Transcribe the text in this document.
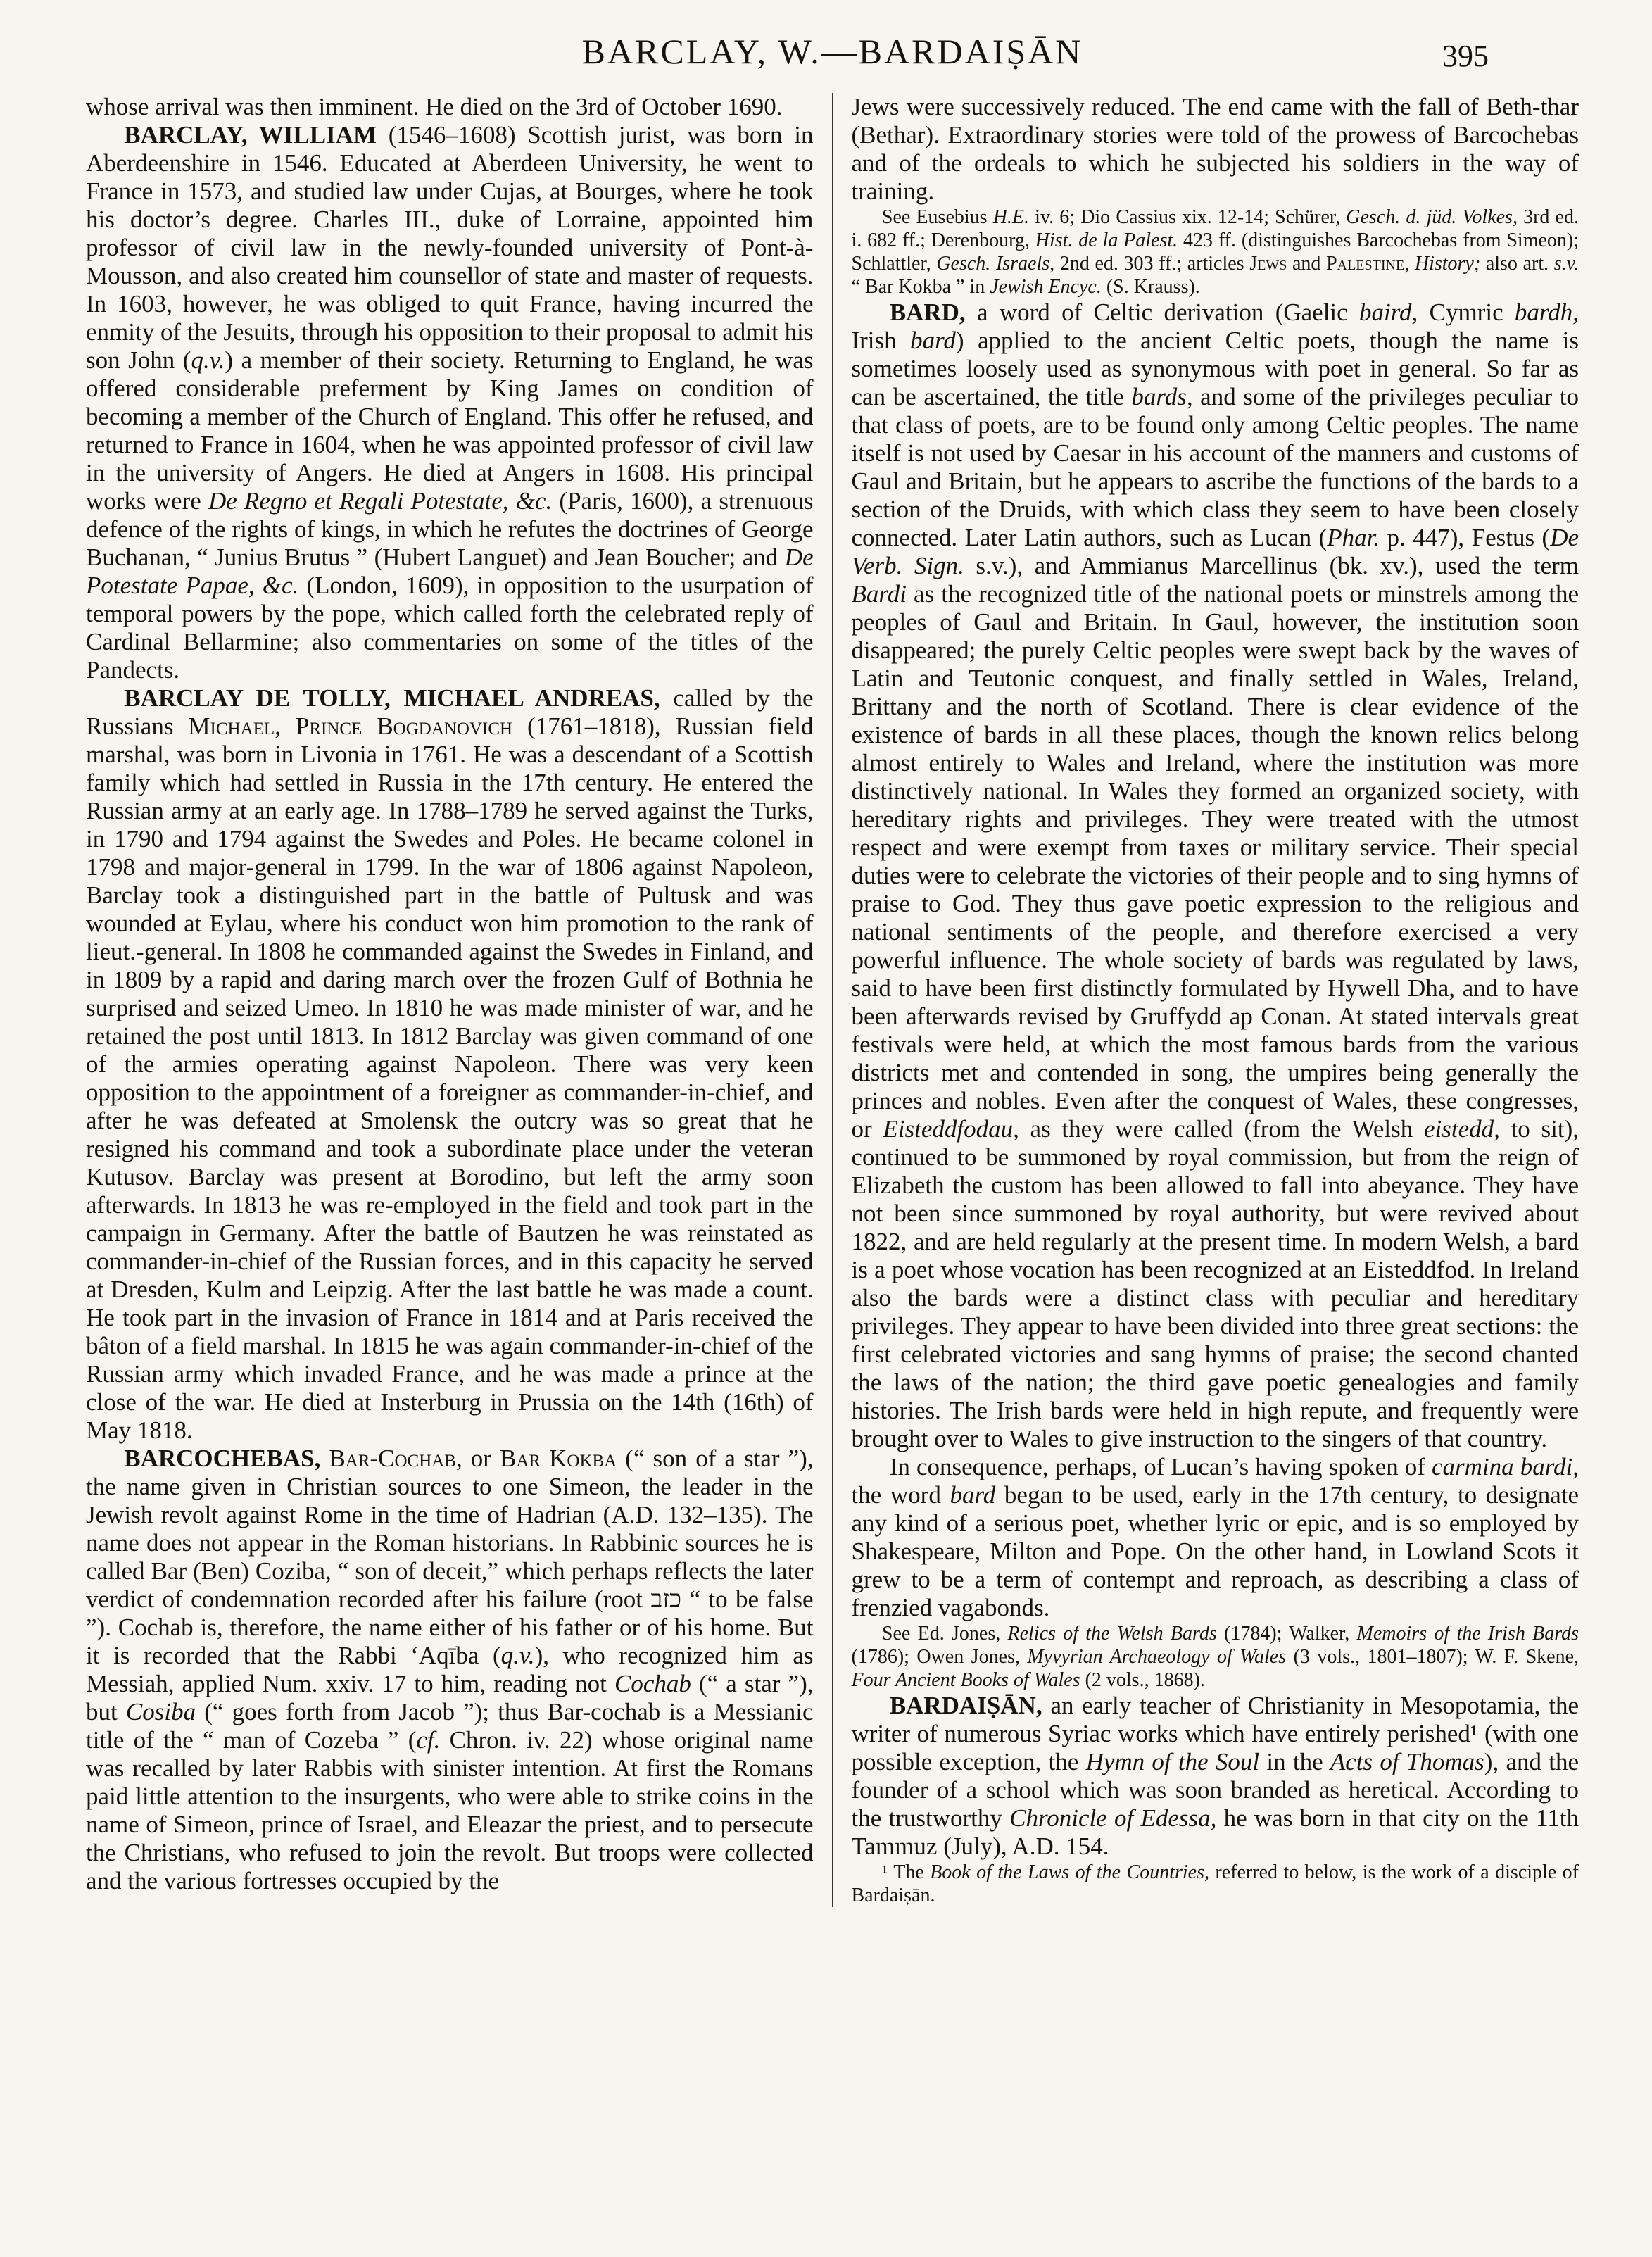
BARCLAY, W.—BARDAIṢĀN	395

whose arrival was then imminent. He died on the 3rd of October 1690.

BARCLAY, WILLIAM (1546–1608) Scottish jurist, was born in Aberdeenshire in 1546. Educated at Aberdeen University, he went to France in 1573, and studied law under Cujas, at Bourges, where he took his doctor’s degree. Charles III., duke of Lorraine, appointed him professor of civil law in the newly-founded university of Pont-à-Mousson, and also created him counsellor of state and master of requests. In 1603, however, he was obliged to quit France, having incurred the enmity of the Jesuits, through his opposition to their proposal to admit his son John (q.v.) a member of their society. Returning to England, he was offered considerable preferment by King James on condition of becoming a member of the Church of England. This offer he refused, and returned to France in 1604, when he was appointed professor of civil law in the university of Angers. He died at Angers in 1608. His principal works were De Regno et Regali Potestate, &c. (Paris, 1600), a strenuous defence of the rights of kings, in which he refutes the doctrines of George Buchanan, “ Junius Brutus ” (Hubert Languet) and Jean Boucher; and De Potestate Papae, &c. (London, 1609), in opposition to the usurpation of temporal powers by the pope, which called forth the celebrated reply of Cardinal Bellarmine; also commentaries on some of the titles of the Pandects.

BARCLAY DE TOLLY, MICHAEL ANDREAS, called by the Russians Michael, Prince Bogdanovich (1761–1818), Russian field marshal, was born in Livonia in 1761. He was a descendant of a Scottish family which had settled in Russia in the 17th century. He entered the Russian army at an early age. In 1788–1789 he served against the Turks, in 1790 and 1794 against the Swedes and Poles. He became colonel in 1798 and major-general in 1799. In the war of 1806 against Napoleon, Barclay took a distinguished part in the battle of Pultusk and was wounded at Eylau, where his conduct won him promotion to the rank of lieut.-general. In 1808 he commanded against the Swedes in Finland, and in 1809 by a rapid and daring march over the frozen Gulf of Bothnia he surprised and seized Umeo. In 1810 he was made minister of war, and he retained the post until 1813. In 1812 Barclay was given command of one of the armies operating against Napoleon. There was very keen opposition to the appointment of a foreigner as commander-in-chief, and after he was defeated at Smolensk the outcry was so great that he resigned his command and took a subordinate place under the veteran Kutusov. Barclay was present at Borodino, but left the army soon afterwards. In 1813 he was re-employed in the field and took part in the campaign in Germany. After the battle of Bautzen he was reinstated as commander-in-chief of the Russian forces, and in this capacity he served at Dresden, Kulm and Leipzig. After the last battle he was made a count. He took part in the invasion of France in 1814 and at Paris received the bâton of a field marshal. In 1815 he was again commander-in-chief of the Russian army which invaded France, and he was made a prince at the close of the war. He died at Insterburg in Prussia on the 14th (16th) of May 1818.

BARCOCHEBAS, Bar-Cochab, or Bar Kokba (“ son of a star ”), the name given in Christian sources to one Simeon, the leader in the Jewish revolt against Rome in the time of Hadrian (A.D. 132–135). The name does not appear in the Roman historians. In Rabbinic sources he is called Bar (Ben) Coziba, “ son of deceit,” which perhaps reflects the later verdict of condemnation recorded after his failure (root כזב “ to be false ”). Cochab is, therefore, the name either of his father or of his home. But it is recorded that the Rabbi ‘Aqība (q.v.), who recognized him as Messiah, applied Num. xxiv. 17 to him, reading not Cochab (“ a star ”), but Cosiba (“ goes forth from Jacob ”); thus Bar-cochab is a Messianic title of the “ man of Cozeba ” (cf. Chron. iv. 22) whose original name was recalled by later Rabbis with sinister intention. At first the Romans paid little attention to the insurgents, who were able to strike coins in the name of Simeon, prince of Israel, and Eleazar the priest, and to persecute the Christians, who refused to join the revolt. But troops were collected and the various fortresses occupied by the

Jews were successively reduced. The end came with the fall of Beth-thar (Bethar). Extraordinary stories were told of the prowess of Barcochebas and of the ordeals to which he subjected his soldiers in the way of training.

See Eusebius H.E. iv. 6; Dio Cassius xix. 12-14; Schürer, Gesch. d. jüd. Volkes, 3rd ed. i. 682 ff.; Derenbourg, Hist. de la Palest. 423 ff. (distinguishes Barcochebas from Simeon); Schlattler, Gesch. Israels, 2nd ed. 303 ff.; articles Jews and Palestine, History; also art. s.v. “ Bar Kokba ” in Jewish Encyc. (S. Krauss).

BARD, a word of Celtic derivation (Gaelic baird, Cymric bardh, Irish bard) applied to the ancient Celtic poets, though the name is sometimes loosely used as synonymous with poet in general. So far as can be ascertained, the title bards, and some of the privileges peculiar to that class of poets, are to be found only among Celtic peoples. The name itself is not used by Caesar in his account of the manners and customs of Gaul and Britain, but he appears to ascribe the functions of the bards to a section of the Druids, with which class they seem to have been closely connected. Later Latin authors, such as Lucan (Phar. p. 447), Festus (De Verb. Sign. s.v.), and Ammianus Marcellinus (bk. xv.), used the term Bardi as the recognized title of the national poets or minstrels among the peoples of Gaul and Britain. In Gaul, however, the institution soon disappeared; the purely Celtic peoples were swept back by the waves of Latin and Teutonic conquest, and finally settled in Wales, Ireland, Brittany and the north of Scotland. There is clear evidence of the existence of bards in all these places, though the known relics belong almost entirely to Wales and Ireland, where the institution was more distinctively national. In Wales they formed an organized society, with hereditary rights and privileges. They were treated with the utmost respect and were exempt from taxes or military service. Their special duties were to celebrate the victories of their people and to sing hymns of praise to God. They thus gave poetic expression to the religious and national sentiments of the people, and therefore exercised a very powerful influence. The whole society of bards was regulated by laws, said to have been first distinctly formulated by Hywell Dha, and to have been afterwards revised by Gruffydd ap Conan. At stated intervals great festivals were held, at which the most famous bards from the various districts met and contended in song, the umpires being generally the princes and nobles. Even after the conquest of Wales, these congresses, or Eisteddfodau, as they were called (from the Welsh eistedd, to sit), continued to be summoned by royal commission, but from the reign of Elizabeth the custom has been allowed to fall into abeyance. They have not been since summoned by royal authority, but were revived about 1822, and are held regularly at the present time. In modern Welsh, a bard is a poet whose vocation has been recognized at an Eisteddfod. In Ireland also the bards were a distinct class with peculiar and hereditary privileges. They appear to have been divided into three great sections: the first celebrated victories and sang hymns of praise; the second chanted the laws of the nation; the third gave poetic genealogies and family histories. The Irish bards were held in high repute, and frequently were brought over to Wales to give instruction to the singers of that country.

In consequence, perhaps, of Lucan’s having spoken of carmina bardi, the word bard began to be used, early in the 17th century, to designate any kind of a serious poet, whether lyric or epic, and is so employed by Shakespeare, Milton and Pope. On the other hand, in Lowland Scots it grew to be a term of contempt and reproach, as describing a class of frenzied vagabonds.

See Ed. Jones, Relics of the Welsh Bards (1784); Walker, Memoirs of the Irish Bards (1786); Owen Jones, Myvyrian Archaeology of Wales (3 vols., 1801–1807); W. F. Skene, Four Ancient Books of Wales (2 vols., 1868).

BARDAIṢĀN, an early teacher of Christianity in Mesopotamia, the writer of numerous Syriac works which have entirely perished¹ (with one possible exception, the Hymn of the Soul in the Acts of Thomas), and the founder of a school which was soon branded as heretical. According to the trustworthy Chronicle of Edessa, he was born in that city on the 11th Tammuz (July), A.D. 154.

¹ The Book of the Laws of the Countries, referred to below, is the work of a disciple of Bardaiṣān.
